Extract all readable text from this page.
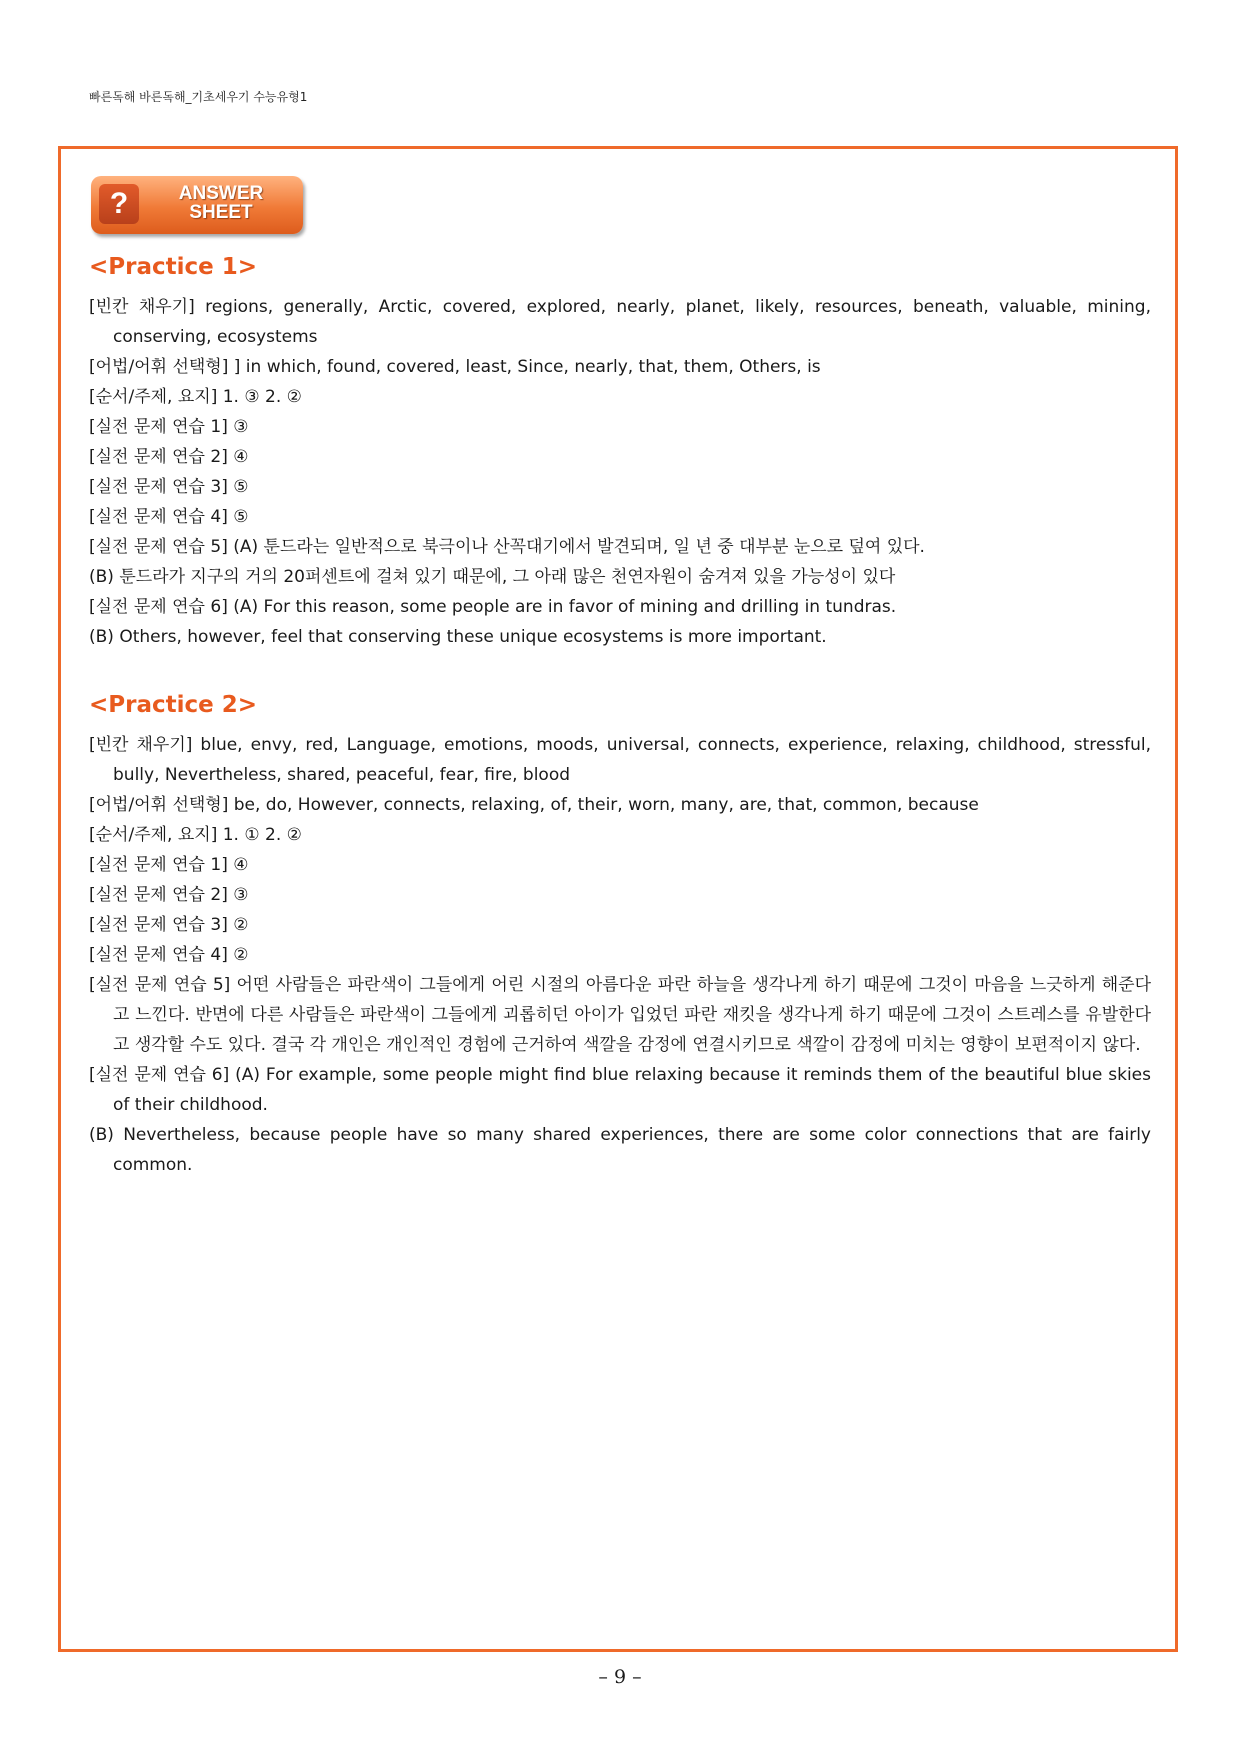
빠른독해 바른독해_기초세우기 수능유형1
?	ANSWER
SHEET
<Practice 1>
[빈칸 채우기] regions, generally, Arctic, covered, explored, nearly, planet, likely, resources, beneath, valuable, mining, conserving, ecosystems
[어법/어휘 선택형] ] in which, found, covered, least, Since, nearly, that, them, Others, is
[순서/주제, 요지] 1. ③ 2. ②
[실전 문제 연습 1] ③
[실전 문제 연습 2] ④
[실전 문제 연습 3] ⑤
[실전 문제 연습 4] ⑤
[실전 문제 연습 5] (A) 툰드라는 일반적으로 북극이나 산꼭대기에서 발견되며, 일 년 중 대부분 눈으로 덮여 있다.
(B) 툰드라가 지구의 거의 20퍼센트에 걸쳐 있기 때문에, 그 아래 많은 천연자원이 숨겨져 있을 가능성이 있다
[실전 문제 연습 6] (A) For this reason, some people are in favor of mining and drilling in tundras.
(B) Others, however, feel that conserving these unique ecosystems is more important.
<Practice 2>
[빈칸 채우기] blue, envy, red, Language, emotions, moods, universal, connects, experience, relaxing, childhood, stressful, bully, Nevertheless, shared, peaceful, fear, fire, blood
[어법/어휘 선택형] be, do, However, connects, relaxing, of, their, worn, many, are, that, common, because
[순서/주제, 요지] 1. ① 2. ②
[실전 문제 연습 1] ④
[실전 문제 연습 2] ③
[실전 문제 연습 3] ②
[실전 문제 연습 4] ②
[실전 문제 연습 5] 어떤 사람들은 파란색이 그들에게 어린 시절의 아름다운 파란 하늘을 생각나게 하기 때문에 그것이 마음을 느긋하게 해준다고 느낀다. 반면에 다른 사람들은 파란색이 그들에게 괴롭히던 아이가 입었던 파란 재킷을 생각나게 하기 때문에 그것이 스트레스를 유발한다고 생각할 수도 있다. 결국 각 개인은 개인적인 경험에 근거하여 색깔을 감정에 연결시키므로 색깔이 감정에 미치는 영향이 보편적이지 않다.
[실전 문제 연습 6] (A) For example, some people might find blue relaxing because it reminds them of the beautiful blue skies of their childhood.
(B) Nevertheless, because people have so many shared experiences, there are some color connections that are fairly common.
– 9 –
